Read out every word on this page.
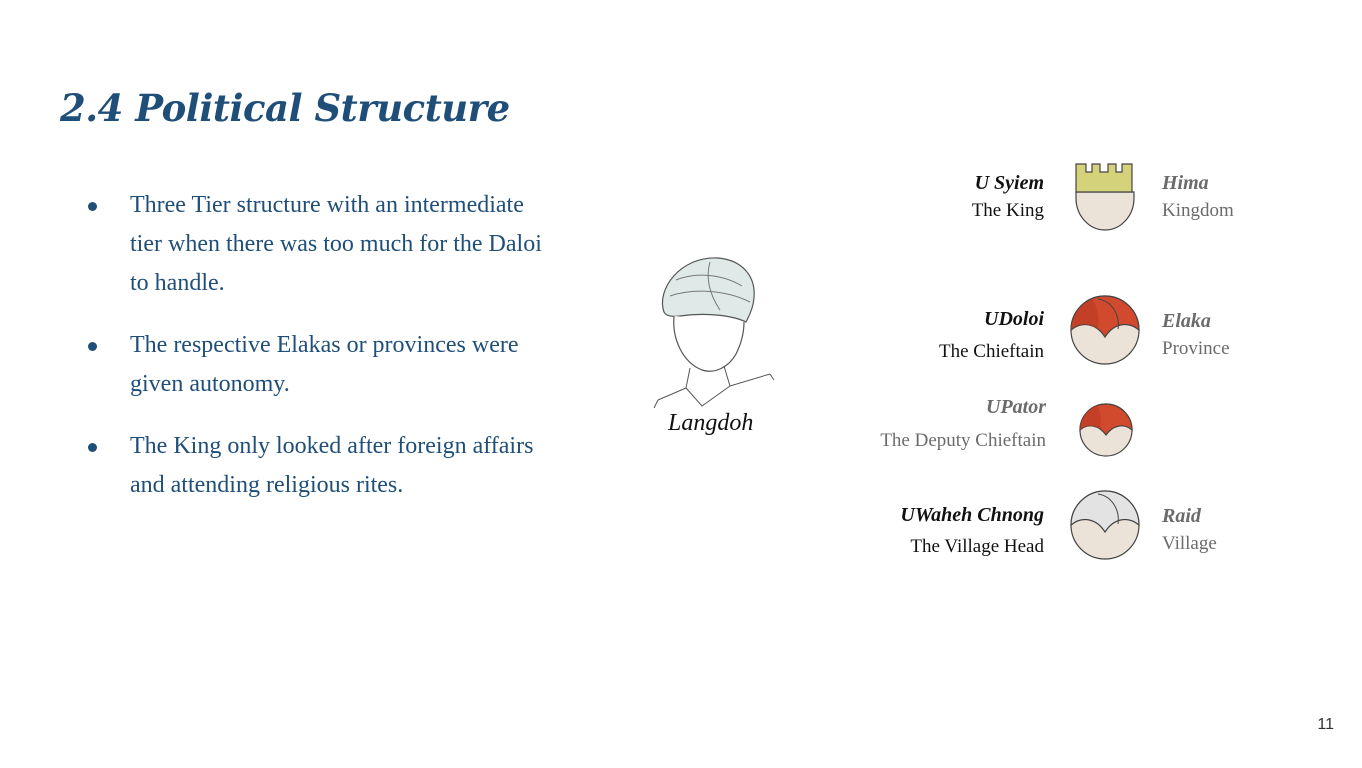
2.4 Political Structure
Three Tier structure with an intermediate tier when there was too much for the Daloi to handle.
The respective Elakas or provinces were given autonomy.
The King only looked after foreign affairs and attending religious rites.
Langdoh
U Syiem
The King
Hima
Kingdom
UDoloi
The Chieftain
Elaka
Province
UPator
The Deputy Chieftain
UWaheh Chnong
The Village Head
Raid
Village
11
